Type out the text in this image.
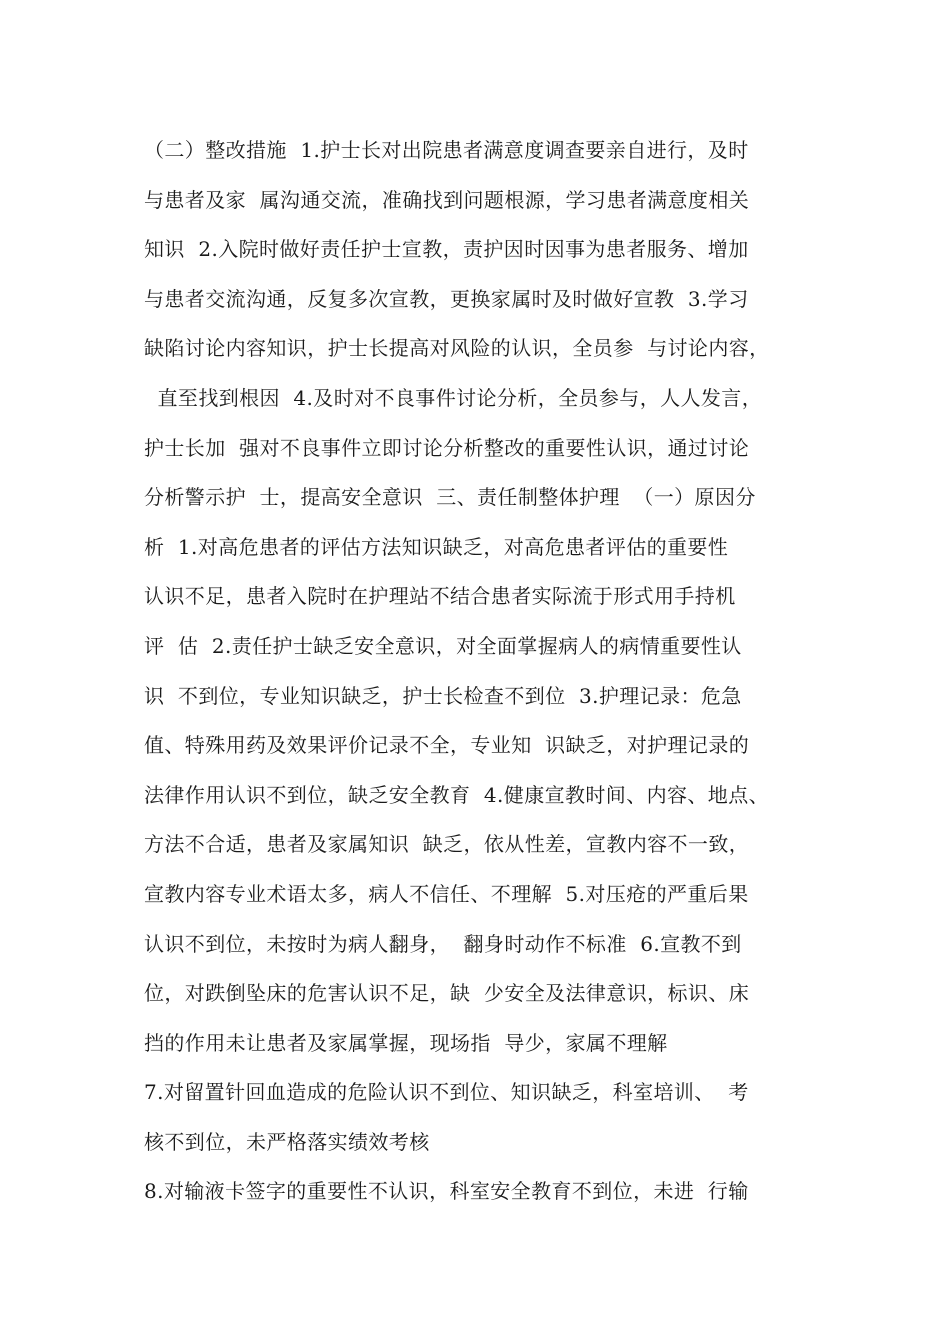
（二）整改措施  1.护士长对出院患者满意度调查要亲自进行，及时
与患者及家  属沟通交流，准确找到问题根源，学习患者满意度相关
知识  2.入院时做好责任护士宣教，责护因时因事为患者服务、增加
与患者交流沟通，反复多次宣教，更换家属时及时做好宣教  3.学习
缺陷讨论内容知识，护士长提高对风险的认识，全员参  与讨论内容，
直至找到根因  4.及时对不良事件讨论分析，全员参与，人人发言，
护士长加  强对不良事件立即讨论分析整改的重要性认识，通过讨论
分析警示护  士，提高安全意识  三、责任制整体护理  （一）原因分
析  1.对高危患者的评估方法知识缺乏，对高危患者评估的重要性
认识不足，患者入院时在护理站不结合患者实际流于形式用手持机
评  估  2.责任护士缺乏安全意识，对全面掌握病人的病情重要性认
识  不到位，专业知识缺乏，护士长检查不到位  3.护理记录：危急
值、特殊用药及效果评价记录不全，专业知  识缺乏，对护理记录的
法律作用认识不到位，缺乏安全教育  4.健康宣教时间、内容、地点、
方法不合适，患者及家属知识  缺乏，依从性差，宣教内容不一致，
宣教内容专业术语太多，病人不信任、不理解  5.对压疮的严重后果
认识不到位，未按时为病人翻身，  翻身时动作不标准  6.宣教不到
位，对跌倒坠床的危害认识不足，缺  少安全及法律意识，标识、床
挡的作用未让患者及家属掌握，现场指  导少，家属不理解
7.对留置针回血造成的危险认识不到位、知识缺乏，科室培训、  考
核不到位，未严格落实绩效考核
8.对输液卡签字的重要性不认识，科室安全教育不到位，未进  行输
